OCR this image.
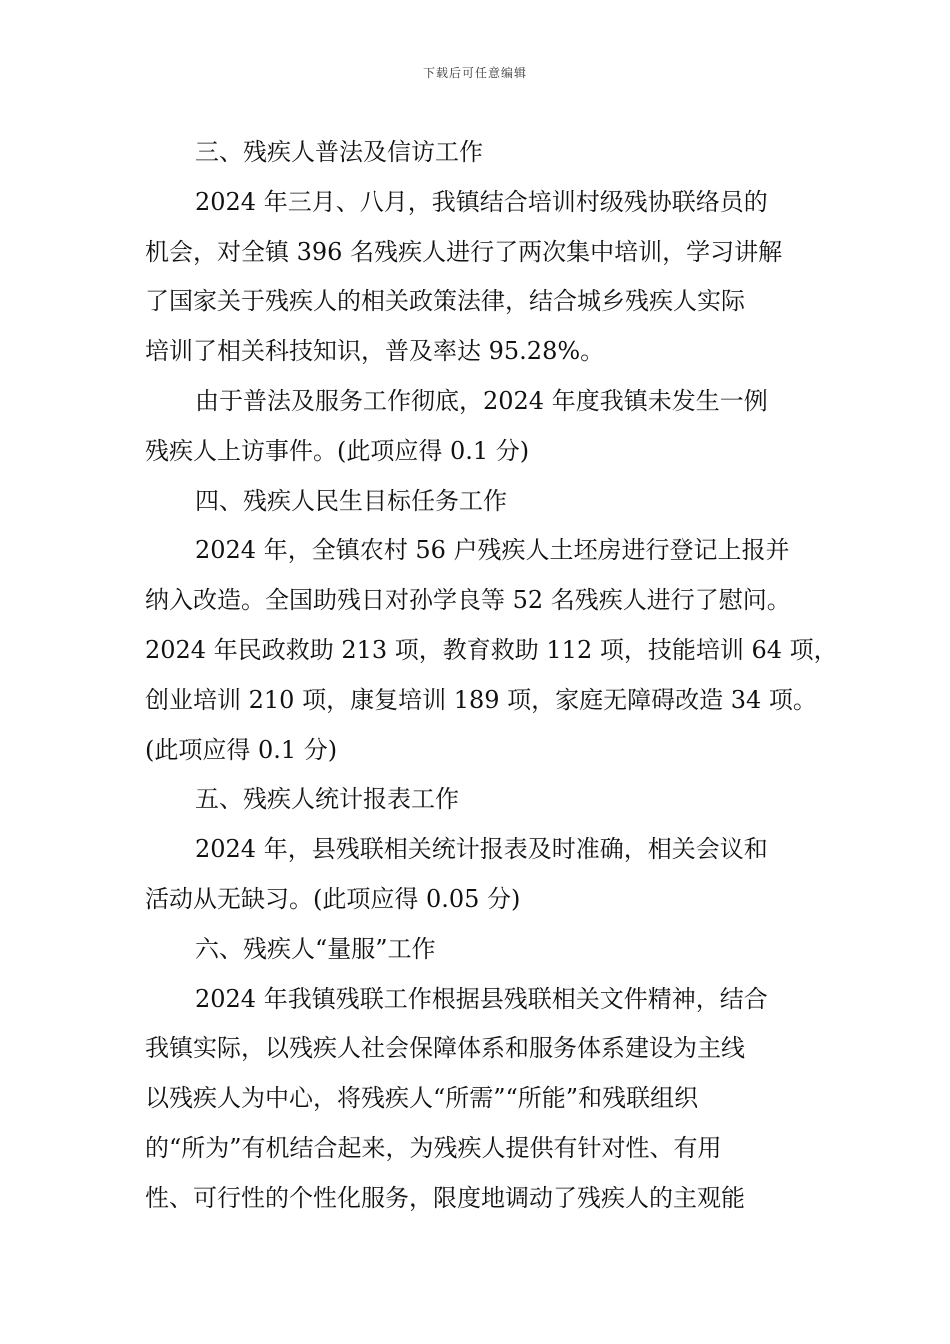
下载后可任意编辑
三、残疾人普法及信访工作
2024 年三月、八月，我镇结合培训村级残协联络员的
机会，对全镇 396 名残疾人进行了两次集中培训，学习讲解
了国家关于残疾人的相关政策法律，结合城乡残疾人实际
培训了相关科技知识，普及率达 95.28%。
由于普法及服务工作彻底，2024 年度我镇未发生一例
残疾人上访事件。(此项应得 0.1 分)
四、残疾人民生目标任务工作
2024 年，全镇农村 56 户残疾人土坯房进行登记上报并
纳入改造。全国助残日对孙学良等 52 名残疾人进行了慰问。
2024 年民政救助 213 项，教育救助 112 项，技能培训 64 项，
创业培训 210 项，康复培训 189 项，家庭无障碍改造 34 项。
(此项应得 0.1 分)
五、残疾人统计报表工作
2024 年，县残联相关统计报表及时准确，相关会议和
活动从无缺习。(此项应得 0.05 分)
六、残疾人“量服”工作
2024 年我镇残联工作根据县残联相关文件精神，结合
我镇实际，以残疾人社会保障体系和服务体系建设为主线
以残疾人为中心，将残疾人“所需”“所能”和残联组织
的“所为”有机结合起来，为残疾人提供有针对性、有用
性、可行性的个性化服务，限度地调动了残疾人的主观能
